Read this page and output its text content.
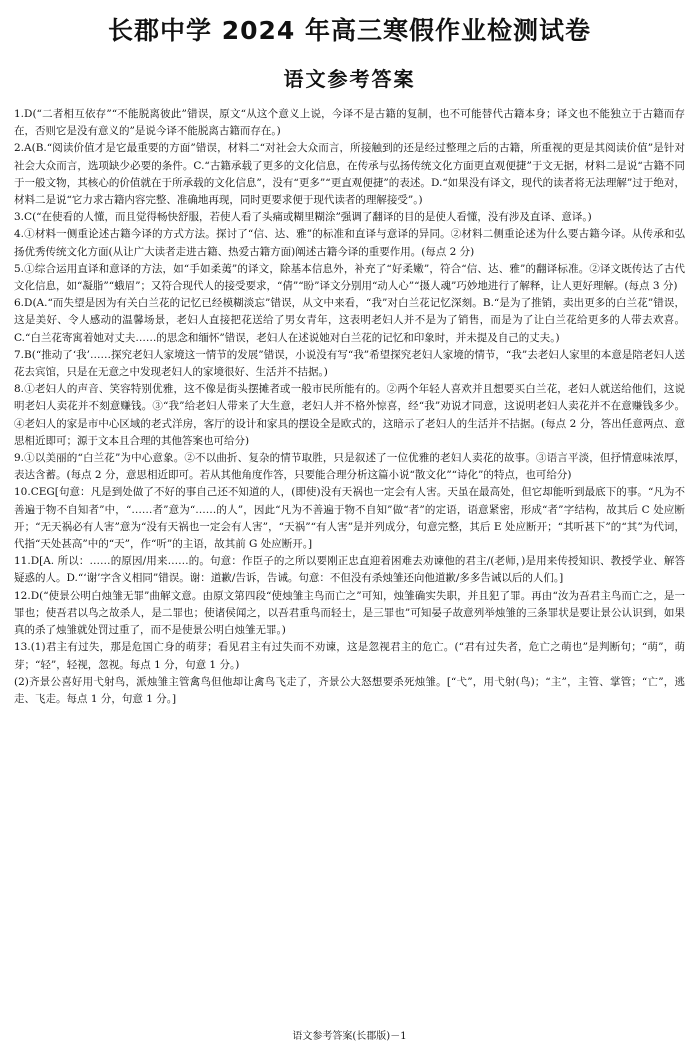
长郡中学 2024 年高三寒假作业检测试卷
语文参考答案
1.D(“二者相互依存”“不能脱离彼此”错误，原文“从这个意义上说，今译不是古籍的复制，也不可能替代古籍本身；译文也不能独立于古籍而存在，否则它是没有意义的”是说今译不能脱离古籍而存在。)
2.A(B.“阅读价值才是它最重要的方面”错误，材料二“对社会大众而言，所接触到的还是经过整理之后的古籍，所重视的更是其阅读价值”是针对社会大众而言，选项缺少必要的条件。C.“古籍承载了更多的文化信息，在传承与弘扬传统文化方面更直观便捷”于文无据，材料二是说“古籍不同于一般文物，其核心的价值就在于所承载的文化信息”，没有“更多”“更直观便捷”的表述。D.“如果没有译文，现代的读者将无法理解”过于绝对，材料二是说“它力求古籍内容完整、准确地再现，同时更要求便于现代读者的理解接受”。)
3.C(“在使看的人懂，而且觉得畅快舒服，若使人看了头痛或糊里糊涂”强调了翻译的目的是使人看懂，没有涉及直译、意译。)
4.①材料一侧重论述古籍今译的方式方法。探讨了“信、达、雅”的标准和直译与意译的异同。②材料二侧重论述为什么要古籍今译。从传承和弘扬优秀传统文化方面(从让广大读者走进古籍、热爱古籍方面)阐述古籍今译的重要作用。(每点 2 分)
5.①综合运用直译和意译的方法，如“手如柔荑”的译文，除基本信息外，补充了“好柔嫩”，符合“信、达、雅”的翻译标准。②译文既传达了古代文化信息，如“凝脂”“蛾眉”；又符合现代人的接受要求，“倩”“盼”译文分别用“动人心”“摄人魂”巧妙地进行了解释，让人更好理解。(每点 3 分)
6.D(A.“而失望是因为有关白兰花的记忆已经模糊淡忘”错误，从文中来看，“我”对白兰花记忆深刻。B.“是为了推销，卖出更多的白兰花”错误，这是美好、令人感动的温馨场景，老妇人直接把花送给了男女青年，这表明老妇人并不是为了销售，而是为了让白兰花给更多的人带去欢喜。C.“白兰花寄寓着她对丈夫……的思念和缅怀”错误，老妇人在述说她对白兰花的记忆和印象时，并未提及自己的丈夫。)
7.B(“推动了‘我’……探究老妇人家境这一情节的发展”错误，小说没有写“我”希望探究老妇人家境的情节，“我”去老妇人家里的本意是陪老妇人送花去宾馆，只是在无意之中发现老妇人的家境很好、生活并不拮据。)
8.①老妇人的声音、笑容特别优雅，这不像是街头摆摊者或一般市民所能有的。②两个年轻人喜欢并且想要买白兰花，老妇人就送给他们，这说明老妇人卖花并不刻意赚钱。③“我”给老妇人带来了大生意，老妇人并不格外惊喜，经“我”劝说才同意，这说明老妇人卖花并不在意赚钱多少。④老妇人的家是市中心区域的老式洋房，客厅的设计和家具的摆设全是欧式的，这暗示了老妇人的生活并不拮据。(每点 2 分，答出任意两点、意思相近即可；源于文本且合理的其他答案也可给分)
9.①以美丽的“白兰花”为中心意象。②不以曲折、复杂的情节取胜，只是叙述了一位优雅的老妇人卖花的故事。③语言平淡，但抒情意味浓厚，表达含蓄。(每点 2 分，意思相近即可。若从其他角度作答，只要能合理分析这篇小说“散文化”“诗化”的特点，也可给分)
10.CEG[句意：凡是到处做了不好的事自己还不知道的人，(即使)没有天祸也一定会有人害。天虽在最高处，但它却能听到最底下的事。“凡为不善遍于物不自知者”中，“……者”意为“……的人”，因此“凡为不善遍于物不自知”做“者”的定语，语意紧密，形成“者”字结构，故其后 C 处应断开；“无天祸必有人害”意为“没有天祸也一定会有人害”，“天祸”“有人害”是并列成分，句意完整，其后 E 处应断开；“其听甚下”的“其”为代词，代指“天处甚高”中的“天”，作“听”的主语，故其前 G 处应断开。]
11.D[A. 所以：……的原因/用来……的。句意：作臣子的之所以要刚正忠直迎着困难去劝谏他的君主/(老师，)是用来传授知识、教授学业、解答疑惑的人。D.“‘谢’字含义相同”错误。谢：道歉/告诉，告诫。句意：不但没有杀烛雏还向他道歉/多多告诫以后的人们。]
12.D(“使景公明白烛雏无罪”曲解文意。由原文第四段“使烛雏主鸟而亡之”可知，烛雏确实失职，并且犯了罪。再由“汝为吾君主鸟而亡之，是一罪也；使吾君以鸟之故杀人，是二罪也；使诸侯闻之，以吾君重鸟而轻士，是三罪也”可知晏子故意列举烛雏的三条罪状是要让景公认识到，如果真的杀了烛雏就处罚过重了，而不是使景公明白烛雏无罪。)

13.(1)君主有过失，那是危国亡身的萌芽；看见君主有过失而不劝谏，这是忽视君主的危亡。(“君有过失者，危亡之萌也”是判断句；“萌”，萌芽；“轻”，轻视，忽视。每点 1 分，句意 1 分。)

(2)齐景公喜好用弋射鸟，派烛雏主管禽鸟但他却让禽鸟飞走了，齐景公大怒想要杀死烛雏。[“弋”，用弋射(鸟)；“主”，主管、掌管；“亡”，逃走、飞走。每点 1 分，句意 1 分。]

语文参考答案(长郡版)－1
